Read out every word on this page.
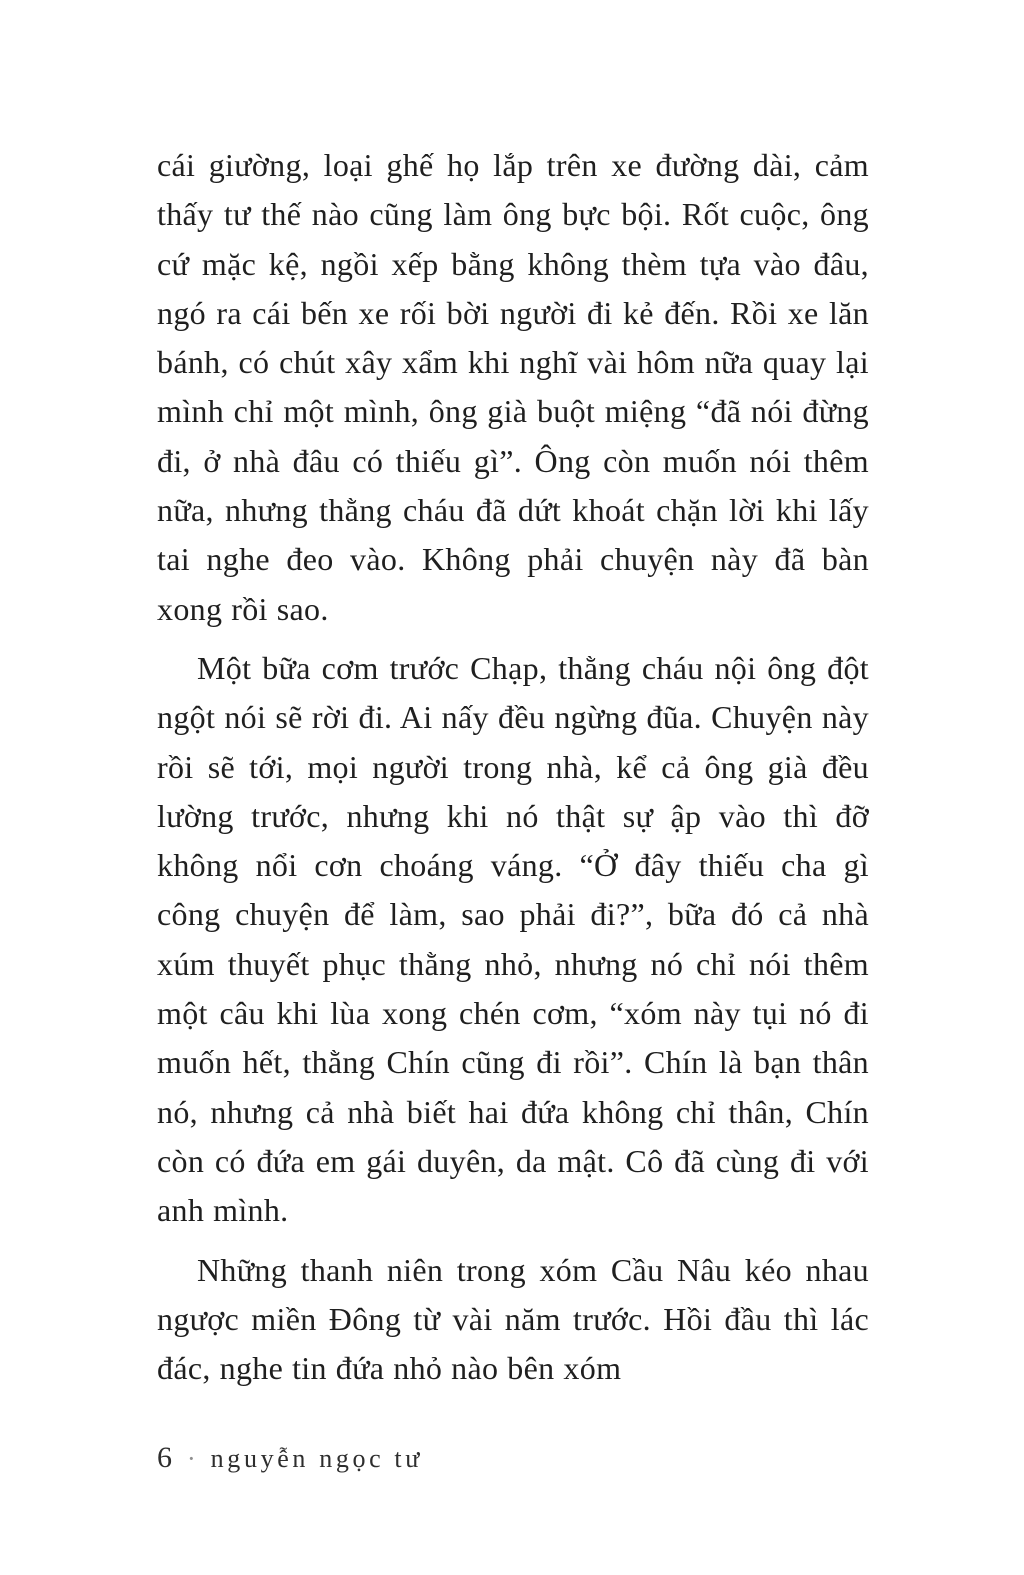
cái giường, loại ghế họ lắp trên xe đường dài, cảm thấy tư thế nào cũng làm ông bực bội. Rốt cuộc, ông cứ mặc kệ, ngồi xếp bằng không thèm tựa vào đâu, ngó ra cái bến xe rối bời người đi kẻ đến. Rồi xe lăn bánh, có chút xây xẩm khi nghĩ vài hôm nữa quay lại mình chỉ một mình, ông già buột miệng “đã nói đừng đi, ở nhà đâu có thiếu gì”. Ông còn muốn nói thêm nữa, nhưng thằng cháu đã dứt khoát chặn lời khi lấy tai nghe đeo vào. Không phải chuyện này đã bàn xong rồi sao.

Một bữa cơm trước Chạp, thằng cháu nội ông đột ngột nói sẽ rời đi. Ai nấy đều ngừng đũa. Chuyện này rồi sẽ tới, mọi người trong nhà, kể cả ông già đều lường trước, nhưng khi nó thật sự ập vào thì đỡ không nổi cơn choáng váng. “Ở đây thiếu cha gì công chuyện để làm, sao phải đi?”, bữa đó cả nhà xúm thuyết phục thằng nhỏ, nhưng nó chỉ nói thêm một câu khi lùa xong chén cơm, “xóm này tụi nó đi muốn hết, thằng Chín cũng đi rồi”. Chín là bạn thân nó, nhưng cả nhà biết hai đứa không chỉ thân, Chín còn có đứa em gái duyên, da mật. Cô đã cùng đi với anh mình.

Những thanh niên trong xóm Cầu Nâu kéo nhau ngược miền Đông từ vài năm trước. Hồi đầu thì lác đác, nghe tin đứa nhỏ nào bên xóm

6 · nguyễn ngọc tư
